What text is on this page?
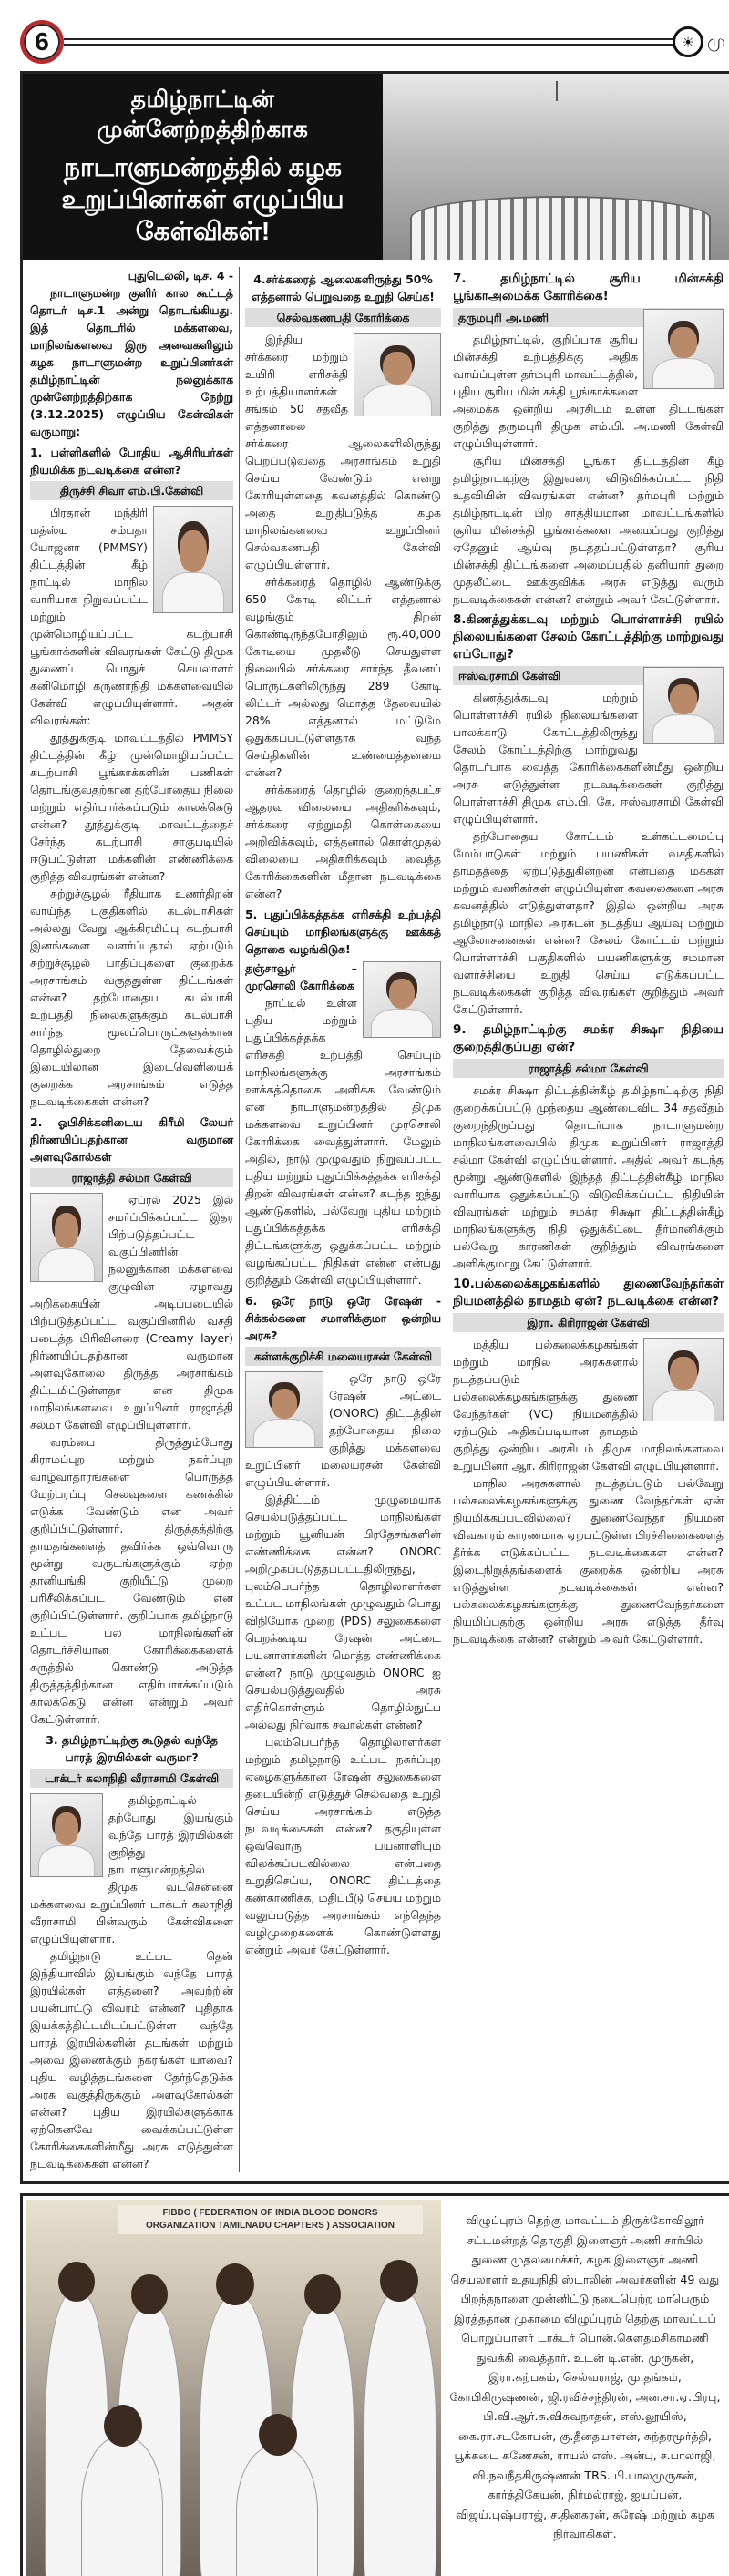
6	☀ மு
தமிழ்நாட்டின் முன்னேற்றத்திற்காக
நாடாளுமன்றத்தில் கழக உறுப்பினர்கள் எழுப்பிய கேள்விகள்!
புதுடெல்லி, டிச. 4 -

நாடாளுமன்ற குளிர் கால கூட்டத் தொடர் டிச.1 அன்று தொடங்கியது. இத் தொடரில் மக்களவை, மாநிலங்களவை இரு அவைகளிலும் கழக நாடாளுமன்ற உறுப்பினர்கள் தமிழ்நாட்டின் நலனுக்காக முன்னேற்றத்திற்காக நேற்று (3.12.2025) எழுப்பிய கேள்விகள் வருமாறு:

1. பள்ளிகளில் போதிய ஆசிரியர்கள் நியமிக்க நடவடிக்கை என்ன?
திருச்சி சிவா எம்.பி.கேள்வி

பிரதான் மந்திரி மத்ஸ்ய சம்பதா யோஜனா (PMMSY) திட்டத்தின் கீழ் நாட்டில் மாநில வாரியாக நிறுவப்பட்ட மற்றும் முன்மொழியப்பட்ட கடற்பாசி பூங்காக்களின் விவரங்கள் கேட்டு திமுக துணைப் பொதுச் செயலாளர் கனிமொழி கருணாநிதி மக்களவையில் கேள்வி எழுப்பியுள்ளார். அதன் விவரங்கள்:

தூத்துக்குடி மாவட்டத்தில் PMMSY திட்டத்தின் கீழ் முன்மொழியப்பட்ட கடற்பாசி பூங்காக்களின் பணிகள் தொடங்குவதற்கான தற்போதைய நிலை மற்றும் எதிர்பார்க்கப்படும் காலக்கெடு என்ன? தூத்துக்குடி மாவட்டத்தைச் சேர்ந்த கடற்பாசி சாகுபடியில் ஈடுபட்டுள்ள மக்களின் எண்ணிக்கை குறித்த விவரங்கள் என்ன?

சுற்றுச்சூழல் ரீதியாக உணர்திறன் வாய்ந்த பகுதிகளில் கடல்பாசிகள் அல்லது வேறு ஆக்கிரமிப்பு கடற்பாசி இனங்களை வளர்ப்பதால் ஏற்படும் சுற்றுச்சூழல் பாதிப்புகளை குறைக்க அரசாங்கம் வகுத்துள்ள திட்டங்கள் என்ன? தற்போதைய கடல்பாசி உற்பத்தி நிலைகளுக்கும் கடல்பாசி சார்ந்த மூலப்பொருட்களுக்கான தொழில்துறை தேவைக்கும் இடையிலான இடைவெளியைக் குறைக்க அரசாங்கம் எடுத்த நடவடிக்கைகள் என்ன?

2. ஓபிசிக்களிடைய கிரீமி லேயர் நிர்ணயிப்பதற்கான வருமான அளவுகோல்கள்
ராஜாத்தி சல்மா கேள்வி

ஏப்ரல் 2025 இல் சமர்ப்பிக்கப்பட்ட இதர பிற்படுத்தப்பட்ட வகுப்பினரின் நலனுக்கான மக்களவை குழுவின் ஏழாவது அறிக்கையின் அடிப்படையில் பிற்படுத்தப்பட்ட வகுப்பினரில் வசதி படைத்த பிரிவினரை (Creamy layer) நிர்ணயிப்பதற்கான வருமான அளவுகோலை திருத்த அரசாங்கம் திட்டமிட்டுள்ளதா என திமுக மாநிலங்களவை உறுப்பினர் ராஜாத்தி சல்மா கேள்வி எழுப்பியுள்ளார்.

வரம்பை திருத்தும்போது கிராமப்புற மற்றும் நகர்ப்புற வாழ்வாதாரங்களை பொருத்த மேற்பரப்பு செலவுகளை கணக்கில் எடுக்க வேண்டும் என அவர் குறிப்பிட்டுள்ளார். திருத்தத்திற்கு தாமதங்களைத் தவிர்க்க ஒவ்வொரு மூன்று வருடங்களுக்கும் ஏற்ற தானியங்கி குறியீட்டு முறை பரிசீலிக்கப்பட வேண்டும் என குறிப்பிட்டுள்ளார். குறிப்பாக தமிழ்நாடு உட்பட பல மாநிலங்களின் தொடர்ச்சியான கோரிக்கைகளைக் கருத்தில் கொண்டு அடுத்த திருத்தத்திற்கான எதிர்பார்க்கப்படும் காலக்கெடு என்ன என்றும் அவர் கேட்டுள்ளார்.

3. தமிழ்நாட்டிற்கு கூடுதல் வந்தே பாரத் இரயில்கள் வருமா?
டாக்டர் கலாநிதி வீராசாமி கேள்வி

தமிழ்நாட்டில் தற்போது இயங்கும் வந்தே பாரத் இரயில்கள் குறித்து நாடாளுமன்றத்தில் திமுக வடசென்னை மக்களவை உறுப்பினர் டாக்டர் கலாநிதி வீராசாமி பின்வரும் கேள்விகளை எழுப்பியுள்ளார்.

தமிழ்நாடு உட்பட தென் இந்தியாவில் இயங்கும் வந்தே பாரத் இரயில்கள் எத்தனை? அவற்றின் பயன்பாட்டு விவரம் என்ன? புதிதாக இயக்கத்திட்டமிடப்பட்டுள்ள வந்தே பாரத் இரயில்களின் தடங்கள் மற்றும் அவை இணைக்கும் நகரங்கள் யாவை? புதிய வழித்தடங்களை தேர்ந்தெடுக்க அரசு வகுத்திருக்கும் அளவுகோல்கள் என்ன? புதிய இரயில்களுக்காக ஏற்கெனவே வைக்கப்பட்டுள்ள கோரிக்கைகளின்மீது அரசு எடுத்துள்ள நடவடிக்கைகள் என்ன?

4.சர்க்கரைத் ஆலைகளிருந்து 50% எத்தனால் பெறுவதை உறுதி செய்க!
செல்வகணபதி கோரிக்கை

இந்திய சர்க்கரை மற்றும் உயிரி எரிசக்தி உற்பத்தியாளர்கள் சங்கம் 50 சதவீத எத்தனாலை சர்க்கரை ஆலைகளிலிருந்து பெறப்படுவதை அரசாங்கம் உறுதி செய்ய வேண்டும் என்று கோரியுள்ளதை கவனத்தில் கொண்டு அதை உறுதிபடுத்த கழக மாநிலங்களவை உறுப்பினர் செல்வகணபதி கேள்வி எழுப்பியுள்ளார்.

சர்க்கரைத் தொழில் ஆண்டுக்கு 650 கோடி லிட்டர் எத்தனால் வழங்கும் திறன் கொண்டிருந்தபோதிலும் ரூ.40,000 கோடியை முதலீடு செய்துள்ள நிலையில் சர்க்கரை சார்ந்த தீவனப் பொருட்களிலிருந்து 289 கோடி லிட்டர் அல்லது மொத்த தேவையில் 28% எத்தனால் மட்டுமே ஒதுக்கப்பட்டுள்ளதாக வந்த செய்திகளின் உண்மைத்தன்மை என்ன?

சர்க்கரைத் தொழில் குறைந்தபட்ச ஆதரவு விலையை அதிகரிக்கவும், சர்க்கரை ஏற்றுமதி கொள்கையை அறிவிக்கவும், எத்தனால் கொள்முதல் விலையை அதிகரிக்கவும் வைத்த கோரிக்கைகளின் மீதான நடவடிக்கை என்ன?

5. புதுப்பிக்கத்தக்க எரிசக்தி உற்பத்தி செய்யும் மாநிலங்களுக்கு ஊக்கத் தொகை வழங்கிடுக!
தஞ்சாவூர் – முரசொலி கோரிக்கை

நாட்டில் உள்ள புதிய மற்றும் புதுப்பிக்கத்தக்க எரிசக்தி உற்பத்தி செய்யும் மாநிலங்களுக்கு அரசாங்கம் ஊக்கத்தொகை அளிக்க வேண்டும் என நாடாளுமன்றத்தில் திமுக மக்களவை உறுப்பினர் முரசொலி கோரிக்கை வைத்துள்ளார். மேலும் அதில், நாடு முழுவதும் நிறுவப்பட்ட புதிய மற்றும் புதுப்பிக்கத்தக்க எரிசக்தி திறன் விவரங்கள் என்ன? கடந்த ஐந்து ஆண்டுகளில், பல்வேறு புதிய மற்றும் புதுப்பிக்கத்தக்க எரிசக்தி திட்டங்களுக்கு ஒதுக்கப்பட்ட மற்றும் வழங்கப்பட்ட நிதிகள் என்ன என்பது குறித்தும் கேள்வி எழுப்பியுள்ளார்.

6. ஒரே நாடு ஒரே ரேஷன் - சிக்கல்களை சமாளிக்குமா ஒன்றிய அரசு?
கள்ளக்குறிச்சி மலையரசன் கேள்வி

ஒரே நாடு ஒரே ரேஷன் அட்டை (ONORC) திட்டத்தின் தற்போதைய நிலை குறித்து மக்களவை உறுப்பினர் மலையரசன் கேள்வி எழுப்பியுள்ளார்.

இத்திட்டம் முழுமையாக செயல்படுத்தப்பட்ட மாநிலங்கள் மற்றும் யூனியன் பிரதேசங்களின் எண்ணிக்கை என்ன? ONORC அறிமுகப்படுத்தப்பட்டதிலிருந்து, புலம்பெயர்ந்த தொழிலாளர்கள் உட்பட மாநிலங்கள் முழுவதும் பொது விநியோக முறை (PDS) சலுகைகளை பெறக்கூடிய ரேஷன் அட்டை பயனாளர்களின் மொத்த எண்ணிக்கை என்ன? நாடு முழுவதும் ONORC ஐ செயல்படுத்துவதில் அரசு எதிர்கொள்ளும் தொழில்நுட்ப அல்லது நிர்வாக சவால்கள் என்ன?

புலம்பெயர்ந்த தொழிலாளர்கள் மற்றும் தமிழ்நாடு உட்பட நகர்ப்புற ஏழைகளுக்கான ரேஷன் சலுகைகளை தடையின்றி எடுத்துச் செல்வதை உறுதி செய்ய அரசாங்கம் எடுத்த நடவடிக்கைகள் என்ன? தகுதியுள்ள ஒவ்வொரு பயனாளியும் விலக்கப்படவில்லை என்பதை உறுதிசெய்ய, ONORC திட்டத்தை கண்காணிக்க, மதிப்பீடு செய்ய மற்றும் வலுப்படுத்த அரசாங்கம் எந்தெந்த வழிமுறைகளைக் கொண்டுள்ளது என்றும் அவர் கேட்டுள்ளார்.

7. தமிழ்நாட்டில் சூரிய மின்சக்தி பூங்காஅமைக்க கோரிக்கை!
தருமபுரி அ.மணி

தமிழ்நாட்டில், குறிப்பாக சூரிய மின்சக்தி உற்பத்திக்கு அதிக வாய்ப்புள்ள தர்மபுரி மாவட்டத்தில், புதிய சூரிய மின் சக்தி பூங்காக்களை அமைக்க ஒன்றிய அரசிடம் உள்ள திட்டங்கள் குறித்து தருமபுரி திமுக எம்.பி. அ.மணி கேள்வி எழுப்பியுள்ளார்.

சூரிய மின்சக்தி பூங்கா திட்டத்தின் கீழ் தமிழ்நாட்டிற்கு இதுவரை விடுவிக்கப்பட்ட நிதி உதவியின் விவரங்கள் என்ன? தர்மபுரி மற்றும் தமிழ்நாட்டின் பிற சாத்தியமான மாவட்டங்களில் சூரிய மின்சக்தி பூங்காக்களை அமைப்பது குறித்து ஏதேனும் ஆய்வு நடத்தப்பட்டுள்ளதா? சூரிய மின்சக்தி திட்டங்களை அமைப்பதில் தனியார் துறை முதலீட்டை ஊக்குவிக்க அரசு எடுத்து வரும் நடவடிக்கைகள் என்ன? என்றும் அவர் கேட்டுள்ளார்.

8.கிணத்துக்கடவு மற்றும் பொள்ளாச்சி ரயில் நிலையங்களை சேலம் கோட்டத்திற்கு மாற்றுவது எப்போது?
ஈஸ்வரசாமி கேள்வி

கிணத்துக்கடவு மற்றும் பொள்ளாச்சி ரயில் நிலையங்களை பாலக்காடு கோட்டத்திலிருந்து சேலம் கோட்டத்திற்கு மாற்றுவது தொடர்பாக வைத்த கோரிக்கைகளின்மீது ஒன்றிய அரசு எடுத்துள்ள நடவடிக்கைகள் குறித்து பொள்ளாச்சி திமுக எம்.பி. கே. ஈஸ்வரசாமி கேள்வி எழுப்பியுள்ளார்.

தற்போதைய கோட்டம் உள்கட்டமைப்பு மேம்பாடுகள் மற்றும் பயணிகள் வசதிகளில் தாமதத்தை ஏற்படுத்துகின்றன என்பதை மக்கள் மற்றும் வணிகர்கள் எழுப்பியுள்ள கவலைகளை அரசு கவனத்தில் எடுத்துள்ளதா? இதில் ஒன்றிய அரசு தமிழ்நாடு மாநில அரசுடன் நடத்திய ஆய்வு மற்றும் ஆலோசனைகள் என்ன? சேலம் கோட்டம் மற்றும் பொள்ளாச்சி பகுதிகளில் பயணிகளுக்கு சமமான வளர்ச்சியை உறுதி செய்ய எடுக்கப்பட்ட நடவடிக்கைகள் குறித்த விவரங்கள் குறித்தும் அவர் கேட்டுள்ளார்.

9. தமிழ்நாட்டிற்கு சமக்ர சிக்ஷா நிதியை குறைத்திருப்பது ஏன்?
ராஜாத்தி சல்மா கேள்வி

சமக்ர சிக்ஷா திட்டத்தின்கீழ் தமிழ்நாட்டிற்கு நிதி குறைக்கப்பட்டு முந்தைய ஆண்டைவிட 34 சதவீதம் குறைந்திருப்பது தொடர்பாக நாடாளுமன்ற மாநிலங்களவையில் திமுக உறுப்பினர் ராஜாத்தி சல்மா கேள்வி எழுப்பியுள்ளார். அதில் அவர் கடந்த மூன்று ஆண்டுகளில் இந்தத் திட்டத்தின்கீழ் மாநில வாரியாக ஒதுக்கப்பட்டு விடுவிக்கப்பட்ட நிதியின் விவரங்கள் மற்றும் சமக்ர சிக்ஷா திட்டத்தின்கீழ் மாநிலங்களுக்கு நிதி ஒதுக்கீட்டை தீர்மானிக்கும் பல்வேறு காரணிகள் குறித்தும் விவரங்களை அளிக்குமாறு கேட்டுள்ளார்.

10.பல்கலைக்கழகங்களில் துணைவேந்தர்கள் நியமனத்தில் தாமதம் ஏன்? நடவடிக்கை என்ன?
இரா. கிரிராஜன் கேள்வி

மத்திய பல்கலைக்கழகங்கள் மற்றும் மாநில அரசுகளால் நடத்தப்படும் பல்கலைக்கழகங்களுக்கு துணை வேந்தர்கள் (VC) நியமனத்தில் ஏற்படும் அதிகப்படியான தாமதம் குறித்து ஒன்றிய அரசிடம் திமுக மாநிலங்களவை உறுப்பினர் ஆர். கிரிராஜன் கேள்வி எழுப்பியுள்ளார்.

மாநில அரசுகளால் நடத்தப்படும் பல்வேறு பல்கலைக்கழகங்களுக்கு துணை வேந்தர்கள் ஏன் நியமிக்கப்படவில்லை? துணைவேந்தர் நியமன விவகாரம் காரணமாக ஏற்பட்டுள்ள பிரச்சினைகளைத் தீர்க்க எடுக்கப்பட்ட நடவடிக்கைகள் என்ன? இடைநிறுத்தங்களைக் குறைக்க ஒன்றிய அரசு எடுத்துள்ள நடவடிக்கைகள் என்ன? பல்கலைக்கழகங்களுக்கு துணைவேந்தர்களை நியமிப்பதற்கு ஒன்றிய அரசு எடுத்த தீர்வு நடவடிக்கை என்ன? என்றும் அவர் கேட்டுள்ளார்.

FIBDO ( FEDERATION OF INDIA BLOOD DONORS
ORGANIZATION TAMILNADU CHAPTERS ) ASSOCIATION	விழுப்புரம் தெற்கு மாவட்டம் திருக்கோவிலூர் சட்டமன்றத் தொகுதி இளைஞர் அணி சார்பில் துணை முதலமைச்சர், கழக இளைஞர் அணி செயலாளர் உதயநிதி ஸ்டாலின் அவர்களின் 49 வது பிறந்தநாளை முன்னிட்டு நடைபெற்ற மாபெரும் இரத்ததான முகாமை விழுப்புரம் தெற்கு மாவட்டப் பொறுப்பாளர் டாக்டர் பொன்.கௌதமசிகாமணி துவக்கி வைத்தார். உடன் டி.என். முருகன், இரா.கற்பகம், செல்வராஜ், மு.தங்கம், கோபிகிருஷ்ணன், ஜி.ரவிச்சந்திரன், அன.சா.ஏ.பிரபு, பி.வி.ஆர்.சு.விசுவநாதன், எஸ்.லூயிஸ், கை.ரா.சடகோபன், கு.தீனதயாளன், சுந்தரமூர்த்தி, பூக்கடை கணேசன், ராயல் எஸ். அன்பு, ச.பாலாஜி, வி.நவநீதகிருஷ்ணன் TRS. பி.பாலமுருகன், கார்த்திகேயன், நிர்மல்ராஜ், ஐயப்பன், விஜய்.புஷ்பராஜ், ச.தினகரன், சுரேஷ் மற்றும் கழக நிர்வாகிகள்.
